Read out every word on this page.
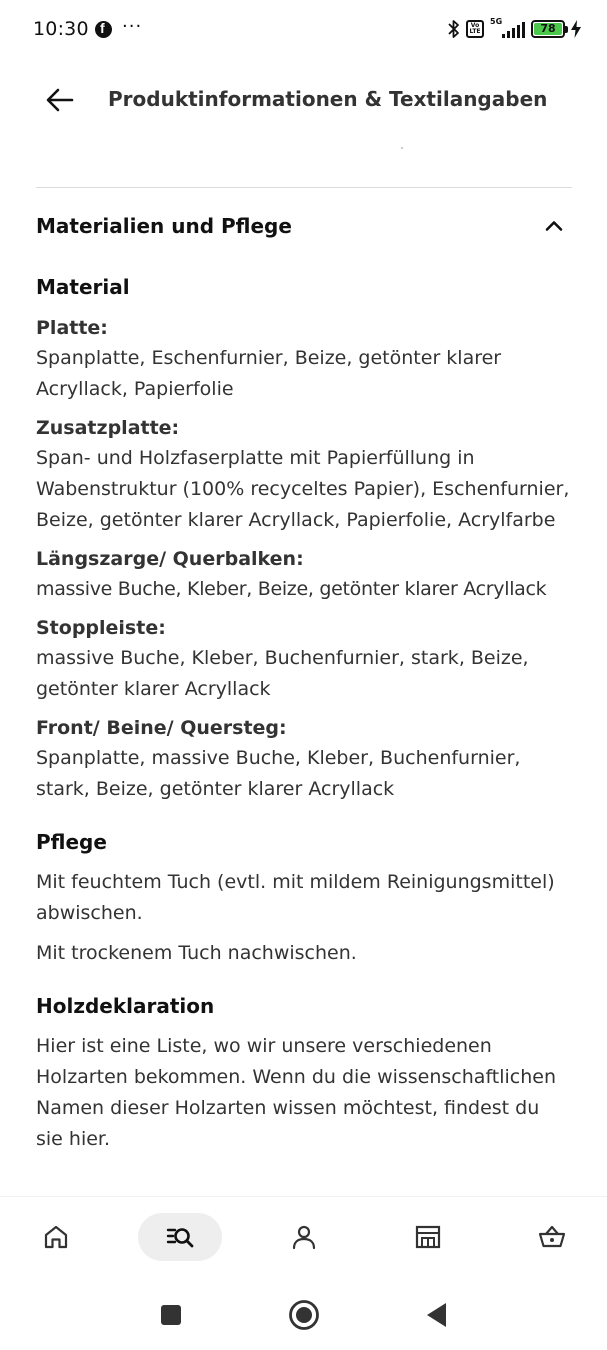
10:30
f ···	Vo
LTE
5G
78
Produktinformationen & Textilangaben
Materialien und Pflege
Material
Platte:
Spanplatte, Eschenfurnier, Beize, getönter klarer Acryllack, Papierfolie
Zusatzplatte:
Span- und Holzfaserplatte mit Papierfüllung in Wabenstruktur (100% recyceltes Papier), Eschenfurnier, Beize, getönter klarer Acryllack, Papierfolie, Acrylfarbe
Längszarge/ Querbalken:
massive Buche, Kleber, Beize, getönter klarer Acryllack
Stoppleiste:
massive Buche, Kleber, Buchenfurnier, stark, Beize, getönter klarer Acryllack
Front/ Beine/ Quersteg:
Spanplatte, massive Buche, Kleber, Buchenfurnier, stark, Beize, getönter klarer Acryllack
Pflege

Mit feuchtem Tuch (evtl. mit mildem Reinigungsmittel) abwischen.

Mit trockenem Tuch nachwischen.

Holzdeklaration

Hier ist eine Liste, wo wir unsere verschiedenen Holzarten bekommen. Wenn du die wissenschaftlichen Namen dieser Holzarten wissen möchtest, findest du sie hier.
